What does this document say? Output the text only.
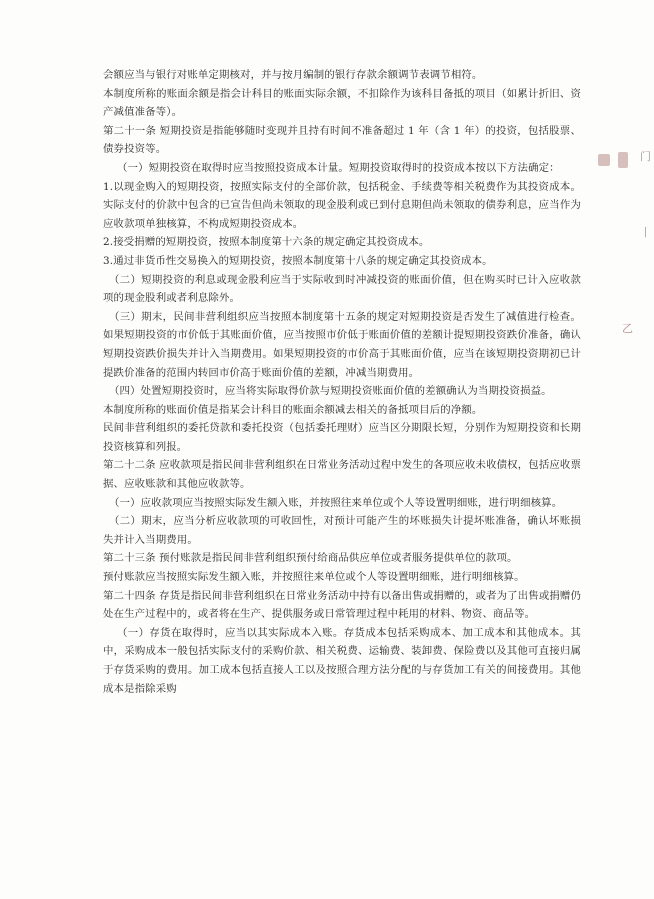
会额应当与银行对账单定期核对，并与按月编制的银行存款余额调节表调节相符。

本制度所称的账面余额是指会计科目的账面实际余额，不扣除作为该科目备抵的项目（如累计折旧、资产减值准备等）。

第二十一条 短期投资是指能够随时变现并且持有时间不准备超过 1 年（含 1 年）的投资，包括股票、债券投资等。

（一）短期投资在取得时应当按照投资成本计量。短期投资取得时的投资成本按以下方法确定：

1.以现金购入的短期投资，按照实际支付的全部价款，包括税金、手续费等相关税费作为其投资成本。实际支付的价款中包含的已宣告但尚未领取的现金股利或已到付息期但尚未领取的债券利息，应当作为应收款项单独核算，不构成短期投资成本。

2.接受捐赠的短期投资，按照本制度第十六条的规定确定其投资成本。

3.通过非货币性交易换入的短期投资，按照本制度第十八条的规定确定其投资成本。

（二）短期投资的利息或现金股利应当于实际收到时冲减投资的账面价值，但在购买时已计入应收款项的现金股利或者利息除外。

（三）期末，民间非营利组织应当按照本制度第十五条的规定对短期投资是否发生了减值进行检查。如果短期投资的市价低于其账面价值，应当按照市价低于账面价值的差额计提短期投资跌价准备，确认短期投资跌价损失并计入当期费用。如果短期投资的市价高于其账面价值，应当在该短期投资期初已计提跌价准备的范围内转回市价高于账面价值的差额，冲减当期费用。

（四）处置短期投资时，应当将实际取得价款与短期投资账面价值的差额确认为当期投资损益。

本制度所称的账面价值是指某会计科目的账面余额减去相关的备抵项目后的净额。

民间非营利组织的委托贷款和委托投资（包括委托理财）应当区分期限长短，分别作为短期投资和长期投资核算和列报。

第二十二条 应收款项是指民间非营利组织在日常业务活动过程中发生的各项应收未收债权，包括应收票据、应收账款和其他应收款等。

（一）应收款项应当按照实际发生额入账，并按照往来单位或个人等设置明细账，进行明细核算。

（二）期末，应当分析应收款项的可收回性，对预计可能产生的坏账损失计提坏账准备，确认坏账损失并计入当期费用。

第二十三条 预付账款是指民间非营利组织预付给商品供应单位或者服务提供单位的款项。

预付账款应当按照实际发生额入账，并按照往来单位或个人等设置明细账，进行明细核算。

第二十四条 存货是指民间非营利组织在日常业务活动中持有以备出售或捐赠的，或者为了出售或捐赠仍处在生产过程中的，或者将在生产、提供服务或日常管理过程中耗用的材料、物资、商品等。

（一）存货在取得时，应当以其实际成本入账。存货成本包括采购成本、加工成本和其他成本。其中，采购成本一般包括实际支付的采购价款、相关税费、运输费、装卸费、保险费以及其他可直接归属于存货采购的费用。加工成本包括直接人工以及按照合理方法分配的与存货加工有关的间接费用。其他成本是指除采购

门
丨
乙
